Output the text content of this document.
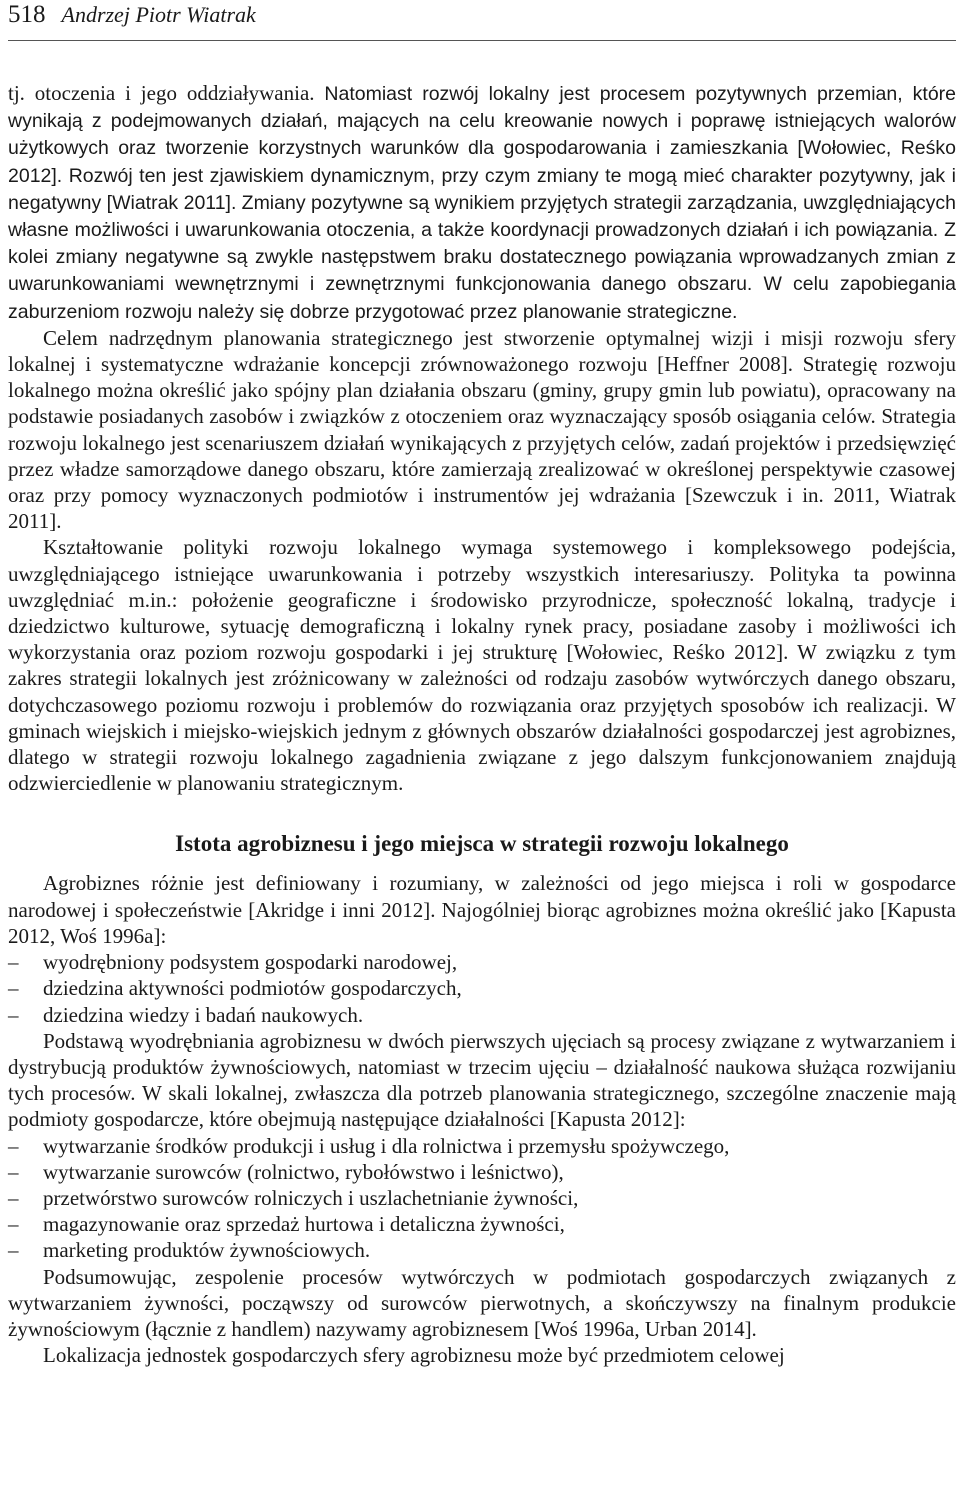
518 Andrzej Piotr Wiatrak

tj. otoczenia i jego oddziaływania. Natomiast rozwój lokalny jest procesem pozytywnych przemian, które wynikają z podejmowanych działań, mających na celu kreowanie nowych i poprawę istniejących walorów użytkowych oraz tworzenie korzystnych warunków dla gospodarowania i zamieszkania [Wołowiec, Reśko 2012]. Rozwój ten jest zjawiskiem dynamicznym, przy czym zmiany te mogą mieć charakter pozytywny, jak i negatywny [Wiatrak 2011]. Zmiany pozytywne są wynikiem przyjętych strategii zarządzania, uwzględniających własne możliwości i uwarunkowania otoczenia, a także koordynacji prowadzonych działań i ich powiązania. Z kolei zmiany negatywne są zwykle następstwem braku dostatecznego powiązania wprowadzanych zmian z uwarunkowaniami wewnętrznymi i zewnętrznymi funkcjonowania danego obszaru. W celu zapobiegania zaburzeniom rozwoju należy się dobrze przygotować przez planowanie strategiczne.

Celem nadrzędnym planowania strategicznego jest stworzenie optymalnej wizji i misji rozwoju sfery lokalnej i systematyczne wdrażanie koncepcji zrównoważonego rozwoju [Heffner 2008]. Strategię rozwoju lokalnego można określić jako spójny plan działania obszaru (gminy, grupy gmin lub powiatu), opracowany na podstawie posiadanych zasobów i związków z otoczeniem oraz wyznaczający sposób osiągania celów. Strategia rozwoju lokalnego jest scenariuszem działań wynikających z przyjętych celów, zadań projektów i przedsięwzięć przez władze samorządowe danego obszaru, które zamierzają zrealizować w określonej perspektywie czasowej oraz przy pomocy wyznaczonych podmiotów i instrumentów jej wdrażania [Szewczuk i in. 2011, Wiatrak 2011].

Kształtowanie polityki rozwoju lokalnego wymaga systemowego i kompleksowego podejścia, uwzględniającego istniejące uwarunkowania i potrzeby wszystkich interesariuszy. Polityka ta powinna uwzględniać m.in.: położenie geograficzne i środowisko przyrodnicze, społeczność lokalną, tradycje i dziedzictwo kulturowe, sytuację demograficzną i lokalny rynek pracy, posiadane zasoby i możliwości ich wykorzystania oraz poziom rozwoju gospodarki i jej strukturę [Wołowiec, Reśko 2012]. W związku z tym zakres strategii lokalnych jest zróżnicowany w zależności od rodzaju zasobów wytwórczych danego obszaru, dotychczasowego poziomu rozwoju i problemów do rozwiązania oraz przyjętych sposobów ich realizacji. W gminach wiejskich i miejsko-wiejskich jednym z głównych obszarów działalności gospodarczej jest agrobiznes, dlatego w strategii rozwoju lokalnego zagadnienia związane z jego dalszym funkcjonowaniem znajdują odzwierciedlenie w planowaniu strategicznym.

Istota agrobiznesu i jego miejsca w strategii rozwoju lokalnego

Agrobiznes różnie jest definiowany i rozumiany, w zależności od jego miejsca i roli w gospodarce narodowej i społeczeństwie [Akridge i inni 2012]. Najogólniej biorąc agrobiznes można określić jako [Kapusta 2012, Woś 1996a]:

– wyodrębniony podsystem gospodarki narodowej,
– dziedzina aktywności podmiotów gospodarczych,
– dziedzina wiedzy i badań naukowych.

Podstawą wyodrębniania agrobiznesu w dwóch pierwszych ujęciach są procesy związane z wytwarzaniem i dystrybucją produktów żywnościowych, natomiast w trzecim ujęciu – działalność naukowa służąca rozwijaniu tych procesów. W skali lokalnej, zwłaszcza dla potrzeb planowania strategicznego, szczególne znaczenie mają podmioty gospodarcze, które obejmują następujące działalności [Kapusta 2012]:

– wytwarzanie środków produkcji i usług i dla rolnictwa i przemysłu spożywczego,
– wytwarzanie surowców (rolnictwo, rybołówstwo i leśnictwo),
– przetwórstwo surowców rolniczych i uszlachetnianie żywności,
– magazynowanie oraz sprzedaż hurtowa i detaliczna żywności,
– marketing produktów żywnościowych.

Podsumowując, zespolenie procesów wytwórczych w podmiotach gospodarczych związanych z wytwarzaniem żywności, począwszy od surowców pierwotnych, a skończywszy na finalnym produkcie żywnościowym (łącznie z handlem) nazywamy agrobiznesem [Woś 1996a, Urban 2014].

Lokalizacja jednostek gospodarczych sfery agrobiznesu może być przedmiotem celowej
